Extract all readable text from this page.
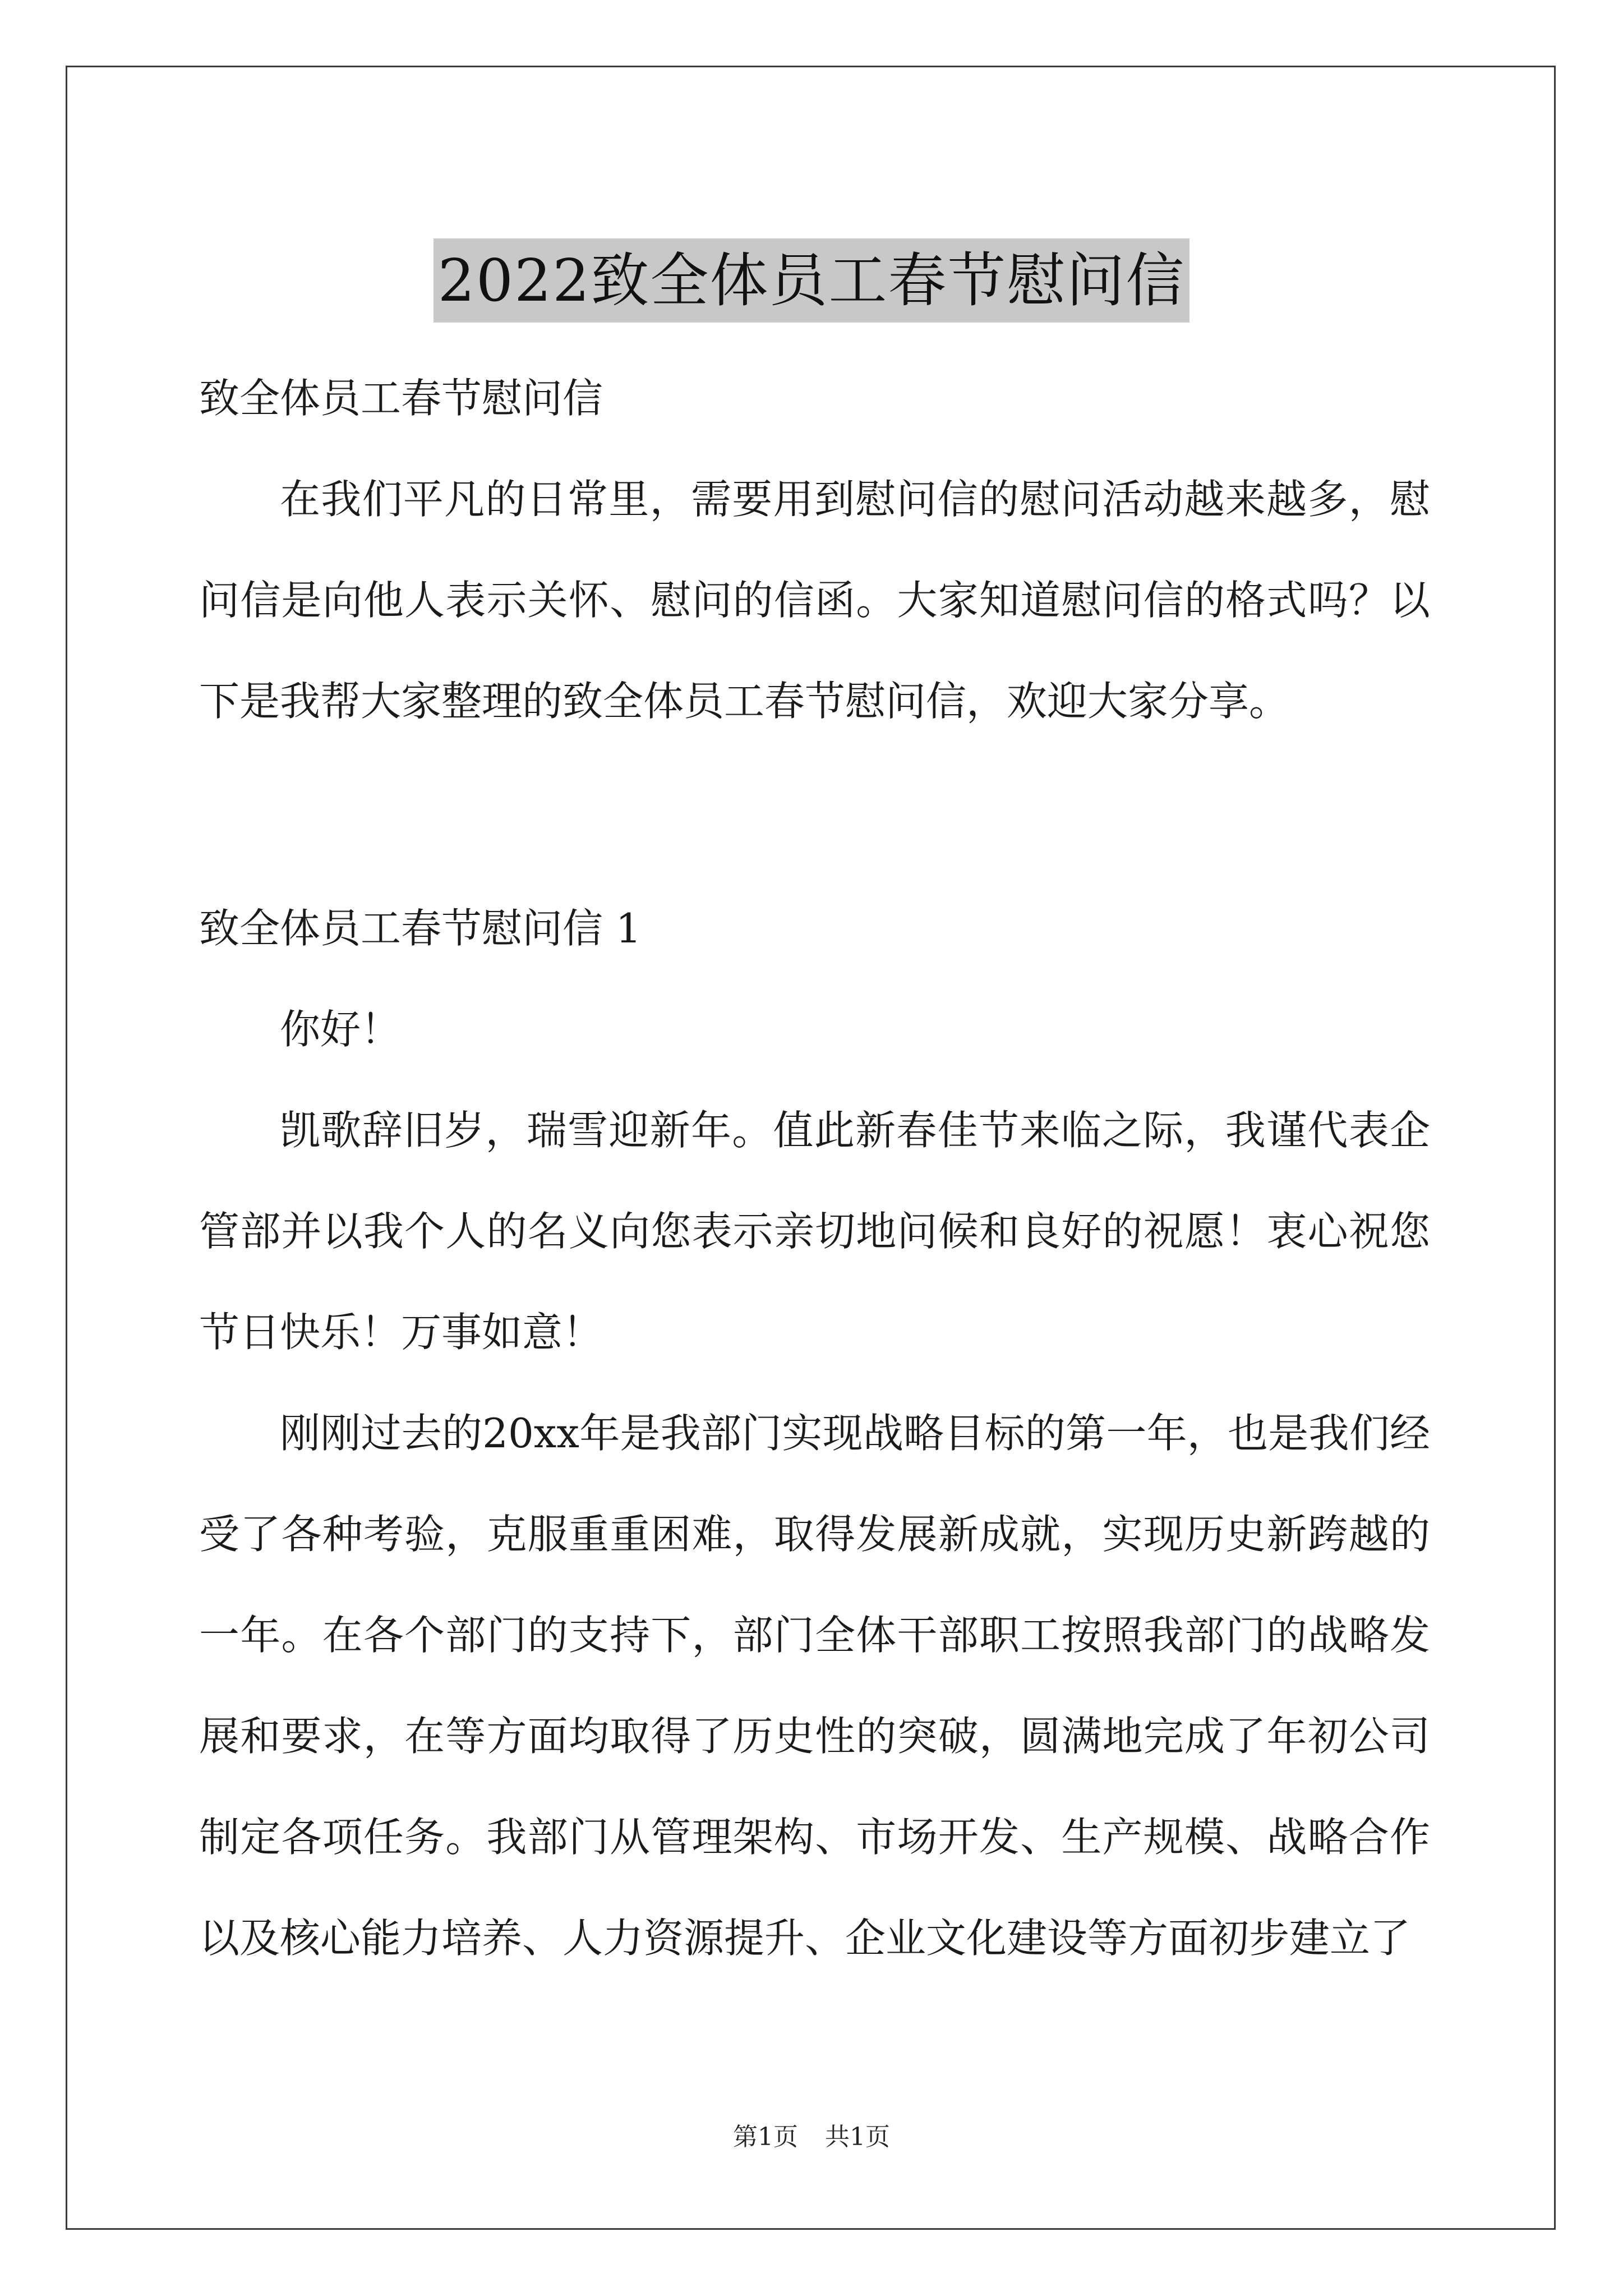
2022致全体员工春节慰问信
致全体员工春节慰问信
在我们平凡的日常里，需要用到慰问信的慰问活动越来越多，慰问信是向他人表示关怀、慰问的信函。大家知道慰问信的格式吗？以下是我帮大家整理的致全体员工春节慰问信，欢迎大家分享。
致全体员工春节慰问信 1
你好！
凯歌辞旧岁，瑞雪迎新年。值此新春佳节来临之际，我谨代表企管部并以我个人的名义向您表示亲切地问候和良好的祝愿！衷心祝您节日快乐！万事如意！
刚刚过去的20xx年是我部门实现战略目标的第一年，也是我们经受了各种考验，克服重重困难，取得发展新成就，实现历史新跨越的一年。在各个部门的支持下，部门全体干部职工按照我部门的战略发展和要求，在等方面均取得了历史性的突破，圆满地完成了年初公司制定各项任务。我部门从管理架构、市场开发、生产规模、战略合作以及核心能力培养、人力资源提升、企业文化建设等方面初步建立了
第1页 共1页
